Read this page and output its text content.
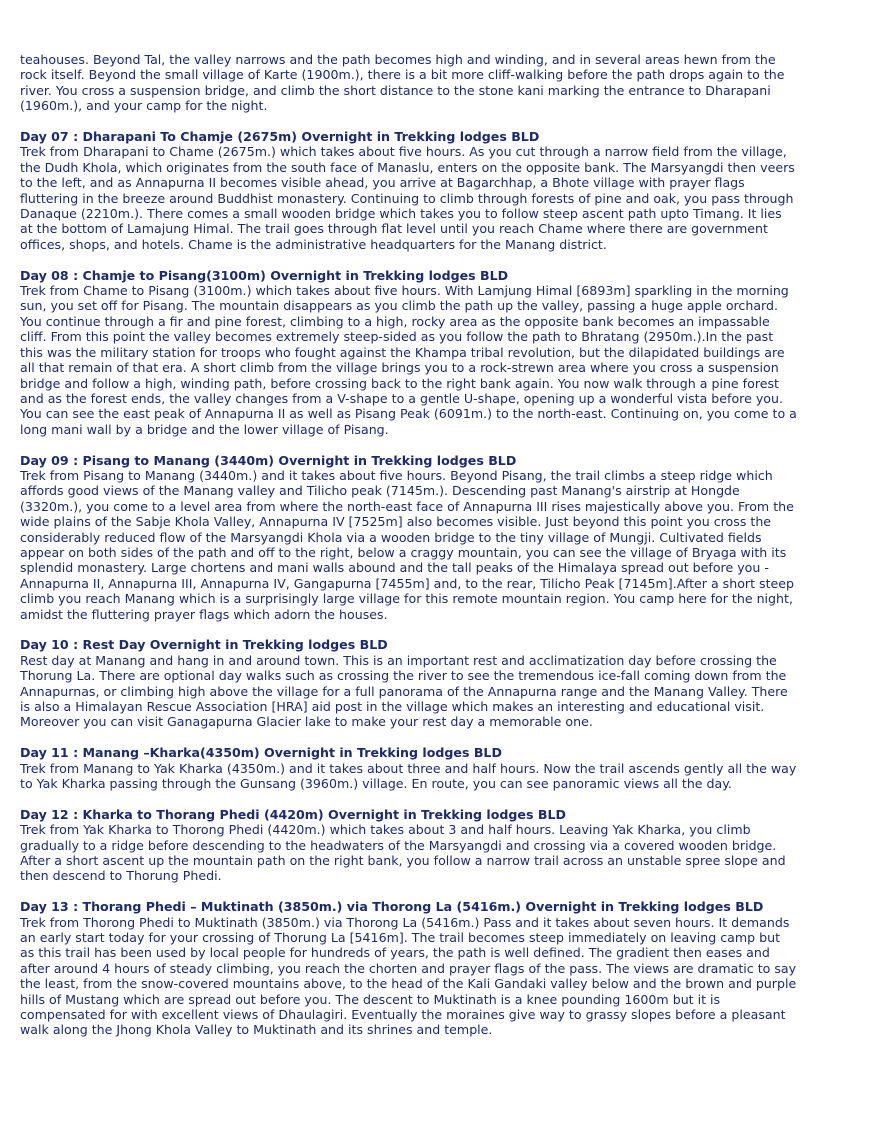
teahouses. Beyond Tal, the valley narrows and the path becomes high and winding, and in several areas hewn from the rock itself. Beyond the small village of Karte (1900m.), there is a bit more cliff-walking before the path drops again to the river. You cross a suspension bridge, and climb the short distance to the stone kani marking the entrance to Dharapani (1960m.), and your camp for the night.

Day 07 : Dharapani To Chamje (2675m) Overnight in Trekking lodges BLD

Trek from Dharapani to Chame (2675m.) which takes about five hours. As you cut through a narrow field from the village, the Dudh Khola, which originates from the south face of Manaslu, enters on the opposite bank. The Marsyangdi then veers to the left, and as Annapurna II becomes visible ahead, you arrive at Bagarchhap, a Bhote village with prayer flags fluttering in the breeze around Buddhist monastery. Continuing to climb through forests of pine and oak, you pass through Danaque (2210m.). There comes a small wooden bridge which takes you to follow steep ascent path upto Timang. It lies at the bottom of Lamajung Himal. The trail goes through flat level until you reach Chame where there are government offices, shops, and hotels. Chame is the administrative headquarters for the Manang district.

Day 08 : Chamje to Pisang(3100m) Overnight in Trekking lodges BLD

Trek from Chame to Pisang (3100m.) which takes about five hours. With Lamjung Himal [6893m] sparkling in the morning sun, you set off for Pisang. The mountain disappears as you climb the path up the valley, passing a huge apple orchard. You continue through a fir and pine forest, climbing to a high, rocky area as the opposite bank becomes an impassable cliff. From this point the valley becomes extremely steep-sided as you follow the path to Bhratang (2950m.).In the past this was the military station for troops who fought against the Khampa tribal revolution, but the dilapidated buildings are all that remain of that era. A short climb from the village brings you to a rock-strewn area where you cross a suspension bridge and follow a high, winding path, before crossing back to the right bank again. You now walk through a pine forest and as the forest ends, the valley changes from a V-shape to a gentle U-shape, opening up a wonderful vista before you. You can see the east peak of Annapurna II as well as Pisang Peak (6091m.) to the north-east. Continuing on, you come to a long mani wall by a bridge and the lower village of Pisang.

Day 09 : Pisang to Manang (3440m) Overnight in Trekking lodges BLD

Trek from Pisang to Manang (3440m.) and it takes about five hours. Beyond Pisang, the trail climbs a steep ridge which affords good views of the Manang valley and Tilicho peak (7145m.). Descending past Manang's airstrip at Hongde (3320m.), you come to a level area from where the north-east face of Annapurna III rises majestically above you. From the wide plains of the Sabje Khola Valley, Annapurna IV [7525m] also becomes visible. Just beyond this point you cross the considerably reduced flow of the Marsyangdi Khola via a wooden bridge to the tiny village of Mungji. Cultivated fields appear on both sides of the path and off to the right, below a craggy mountain, you can see the village of Bryaga with its splendid monastery. Large chortens and mani walls abound and the tall peaks of the Himalaya spread out before you - Annapurna II, Annapurna III, Annapurna IV, Gangapurna [7455m] and, to the rear, Tilicho Peak [7145m].After a short steep climb you reach Manang which is a surprisingly large village for this remote mountain region. You camp here for the night, amidst the fluttering prayer flags which adorn the houses.

Day 10 : Rest Day Overnight in Trekking lodges BLD

Rest day at Manang and hang in and around town. This is an important rest and acclimatization day before crossing the Thorung La. There are optional day walks such as crossing the river to see the tremendous ice-fall coming down from the Annapurnas, or climbing high above the village for a full panorama of the Annapurna range and the Manang Valley. There is also a Himalayan Rescue Association [HRA] aid post in the village which makes an interesting and educational visit. Moreover you can visit Ganagapurna Glacier lake to make your rest day a memorable one.

Day 11 : Manang –Kharka(4350m) Overnight in Trekking lodges BLD

Trek from Manang to Yak Kharka (4350m.) and it takes about three and half hours. Now the trail ascends gently all the way to Yak Kharka passing through the Gunsang (3960m.) village. En route, you can see panoramic views all the day.

Day 12 : Kharka to Thorang Phedi (4420m) Overnight in Trekking lodges BLD

Trek from Yak Kharka to Thorong Phedi (4420m.) which takes about 3 and half hours. Leaving Yak Kharka, you climb gradually to a ridge before descending to the headwaters of the Marsyangdi and crossing via a covered wooden bridge. After a short ascent up the mountain path on the right bank, you follow a narrow trail across an unstable spree slope and then descend to Thorung Phedi.

Day 13 : Thorang Phedi – Muktinath (3850m.) via Thorong La (5416m.) Overnight in Trekking lodges BLD

Trek from Thorong Phedi to Muktinath (3850m.) via Thorong La (5416m.) Pass and it takes about seven hours. It demands an early start today for your crossing of Thorung La [5416m]. The trail becomes steep immediately on leaving camp but as this trail has been used by local people for hundreds of years, the path is well defined. The gradient then eases and after around 4 hours of steady climbing, you reach the chorten and prayer flags of the pass. The views are dramatic to say the least, from the snow-covered mountains above, to the head of the Kali Gandaki valley below and the brown and purple hills of Mustang which are spread out before you. The descent to Muktinath is a knee pounding 1600m but it is compensated for with excellent views of Dhaulagiri. Eventually the moraines give way to grassy slopes before a pleasant walk along the Jhong Khola Valley to Muktinath and its shrines and temple.
